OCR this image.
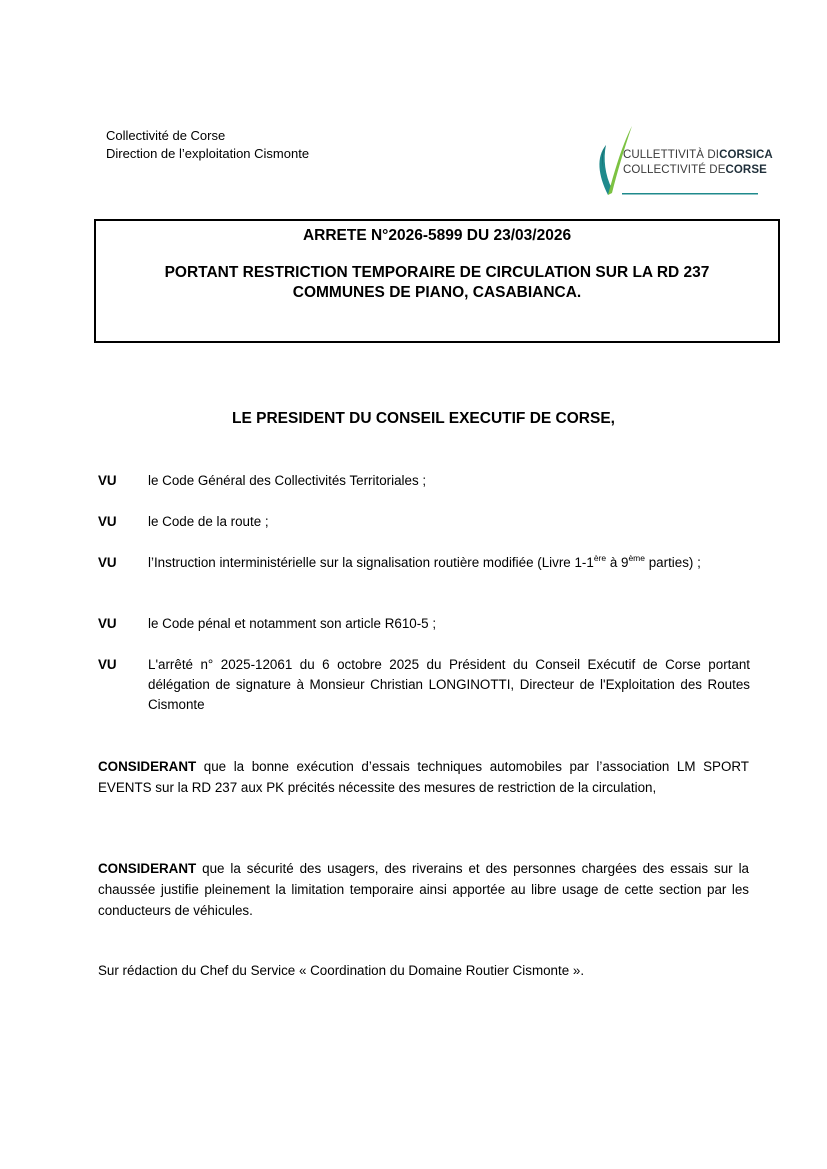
Collectivité de Corse
Direction de l’exploitation Cismonte	CULLETTIVITÀ DICORSICA
COLLECTIVITÉ DECORSE
ARRETE N°2026-5899 DU 23/03/2026
PORTANT RESTRICTION TEMPORAIRE DE CIRCULATION SUR LA RD 237
COMMUNES DE PIANO, CASABIANCA.
LE PRESIDENT DU CONSEIL EXECUTIF DE CORSE,
VU le Code Général des Collectivités Territoriales ;
VU le Code de la route ;
VU l’Instruction interministérielle sur la signalisation routière modifiée (Livre 1-1ère à 9ème parties) ;
VU le Code pénal et notamment son article R610-5 ;
VU L'arrêté n° 2025-12061 du 6 octobre 2025 du Président du Conseil Exécutif de Corse portant délégation de signature à Monsieur Christian LONGINOTTI, Directeur de l'Exploitation des Routes Cismonte
CONSIDERANT que la bonne exécution d’essais techniques automobiles par l’association LM SPORT EVENTS sur la RD 237 aux PK précités nécessite des mesures de restriction de la circulation,
CONSIDERANT que la sécurité des usagers, des riverains et des personnes chargées des essais sur la chaussée justifie pleinement la limitation temporaire ainsi apportée au libre usage de cette section par les conducteurs de véhicules.
Sur rédaction du Chef du Service « Coordination du Domaine Routier Cismonte ».
